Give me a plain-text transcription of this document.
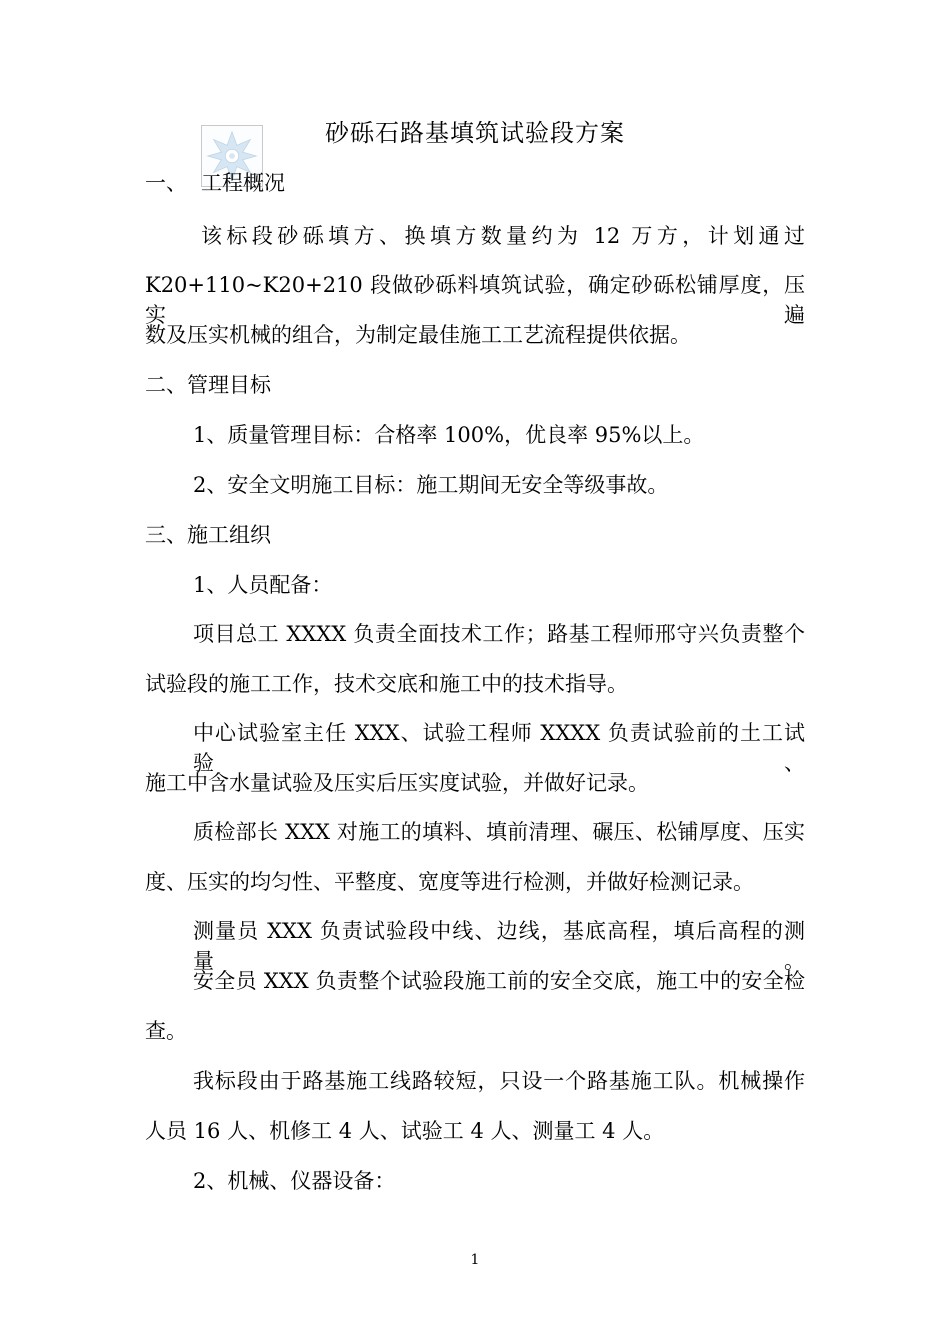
砂砾石路基填筑试验段方案
一、 工程概况
该标段砂砾填方、换填方数量约为 12 万方，计划通过
K20+110~K20+210 段做砂砾料填筑试验，确定砂砾松铺厚度，压实遍
数及压实机械的组合，为制定最佳施工工艺流程提供依据。
二、管理目标
1、质量管理目标：合格率 100%，优良率 95%以上。
2、安全文明施工目标：施工期间无安全等级事故。
三、施工组织
1、人员配备：
项目总工 XXXX 负责全面技术工作；路基工程师邢守兴负责整个
试验段的施工工作，技术交底和施工中的技术指导。
中心试验室主任 XXX、试验工程师 XXXX 负责试验前的土工试验、
施工中含水量试验及压实后压实度试验，并做好记录。
质检部长 XXX 对施工的填料、填前清理、碾压、松铺厚度、压实
度、压实的均匀性、平整度、宽度等进行检测，并做好检测记录。
测量员 XXX 负责试验段中线、边线，基底高程，填后高程的测量。
安全员 XXX 负责整个试验段施工前的安全交底，施工中的安全检
查。
我标段由于路基施工线路较短，只设一个路基施工队。机械操作
人员 16 人、机修工 4 人、试验工 4 人、测量工 4 人。
2、机械、仪器设备：
1
